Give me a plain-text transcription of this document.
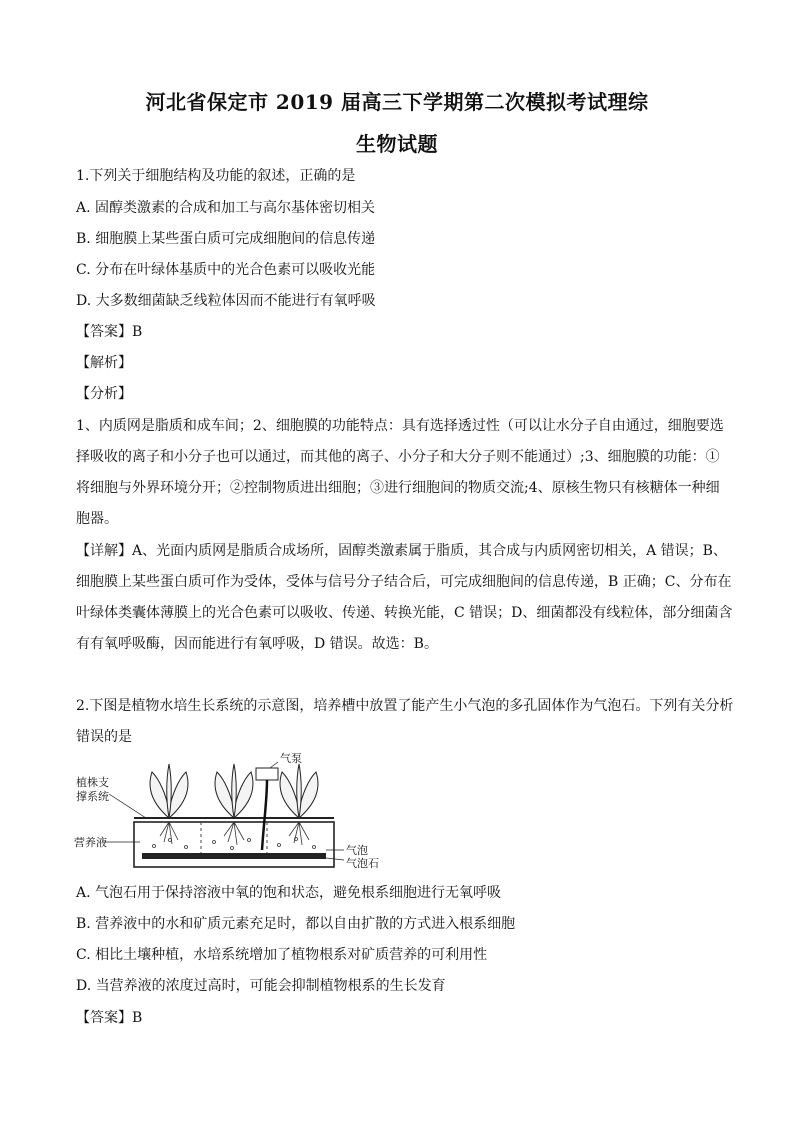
河北省保定市 2019 届高三下学期第二次模拟考试理综
生物试题
1.下列关于细胞结构及功能的叙述，正确的是
A. 固醇类激素的合成和加工与高尔基体密切相关
B. 细胞膜上某些蛋白质可完成细胞间的信息传递
C. 分布在叶绿体基质中的光合色素可以吸收光能
D. 大多数细菌缺乏线粒体因而不能进行有氧呼吸
【答案】B
【解析】
【分析】
1、内质网是脂质和成车间；2、细胞膜的功能特点：具有选择透过性（可以让水分子自由通过，细胞要选
择吸收的离子和小分子也可以通过，而其他的离子、小分子和大分子则不能通过）;3、细胞膜的功能：①
将细胞与外界环境分开；②控制物质进出细胞；③进行细胞间的物质交流;4、原核生物只有核糖体一种细
胞器。
【详解】A、光面内质网是脂质合成场所，固醇类激素属于脂质，其合成与内质网密切相关，A 错误；B、
细胞膜上某些蛋白质可作为受体，受体与信号分子结合后，可完成细胞间的信息传递，B 正确；C、分布在
叶绿体类囊体薄膜上的光合色素可以吸收、传递、转换光能，C 错误；D、细菌都没有线粒体，部分细菌含
有有氧呼吸酶，因而能进行有氧呼吸，D 错误。故选：B。
2.下图是植物水培生长系统的示意图，培养槽中放置了能产生小气泡的多孔固体作为气泡石。下列有关分析
错误的是
气泵
植株支
撑系统
营养液
气泡
气泡石
A. 气泡石用于保持溶液中氧的饱和状态，避免根系细胞进行无氧呼吸
B. 营养液中的水和矿质元素充足时，都以自由扩散的方式进入根系细胞
C. 相比土壤种植，水培系统增加了植物根系对矿质营养的可利用性
D. 当营养液的浓度过高时，可能会抑制植物根系的生长发育
【答案】B
